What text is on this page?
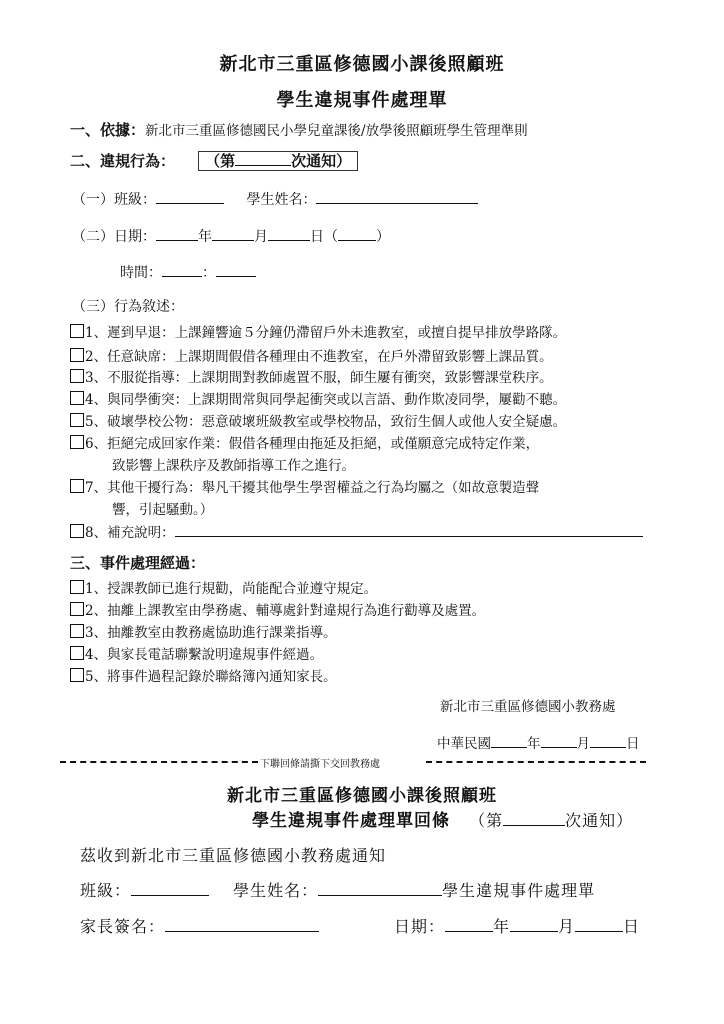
新北市三重區修德國小課後照顧班
學生違規事件處理單
一、依據：新北市三重區修德國民小學兒童課後/放學後照顧班學生管理準則
二、違規行為： （第	次通知）
（一）班級：	學生姓名：
（二）日期：	年	月	日（	）
時間：	：
（三）行為敘述：
1、遲到早退：上課鐘響逾５分鐘仍滯留戶外未進教室，或擅自提早排放學路隊。
2、任意缺席：上課期間假借各種理由不進教室，在戶外滯留致影響上課品質。
3、不服從指導：上課期間對教師處置不服，師生屢有衝突，致影響課堂秩序。
4、與同學衝突：上課期間常與同學起衝突或以言語、動作欺凌同學，屢勸不聽。
5、破壞學校公物：惡意破壞班級教室或學校物品，致衍生個人或他人安全疑慮。
6、拒絕完成回家作業：假借各種理由拖延及拒絕，或僅願意完成特定作業，
致影響上課秩序及教師指導工作之進行。
7、其他干擾行為：舉凡干擾其他學生學習權益之行為均屬之（如故意製造聲
響，引起騷動。）
8、補充說明：
三、事件處理經過：
1、授課教師已進行規勸，尚能配合並遵守規定。
2、抽離上課教室由學務處、輔導處針對違規行為進行勸導及處置。
3、抽離教室由教務處協助進行課業指導。
4、與家長電話聯繫說明違規事件經過。
5、將事件過程記錄於聯絡簿內通知家長。
新北市三重區修德國小教務處
中華民國	年	月	日
下聯回條請撕下交回教務處
新北市三重區修德國小課後照顧班
學生違規事件處理單回條 （第	次通知）
茲收到新北市三重區修德國小教務處通知
班級：	學生姓名：	學生違規事件處理單
家長簽名：	日期：	年	月	日
